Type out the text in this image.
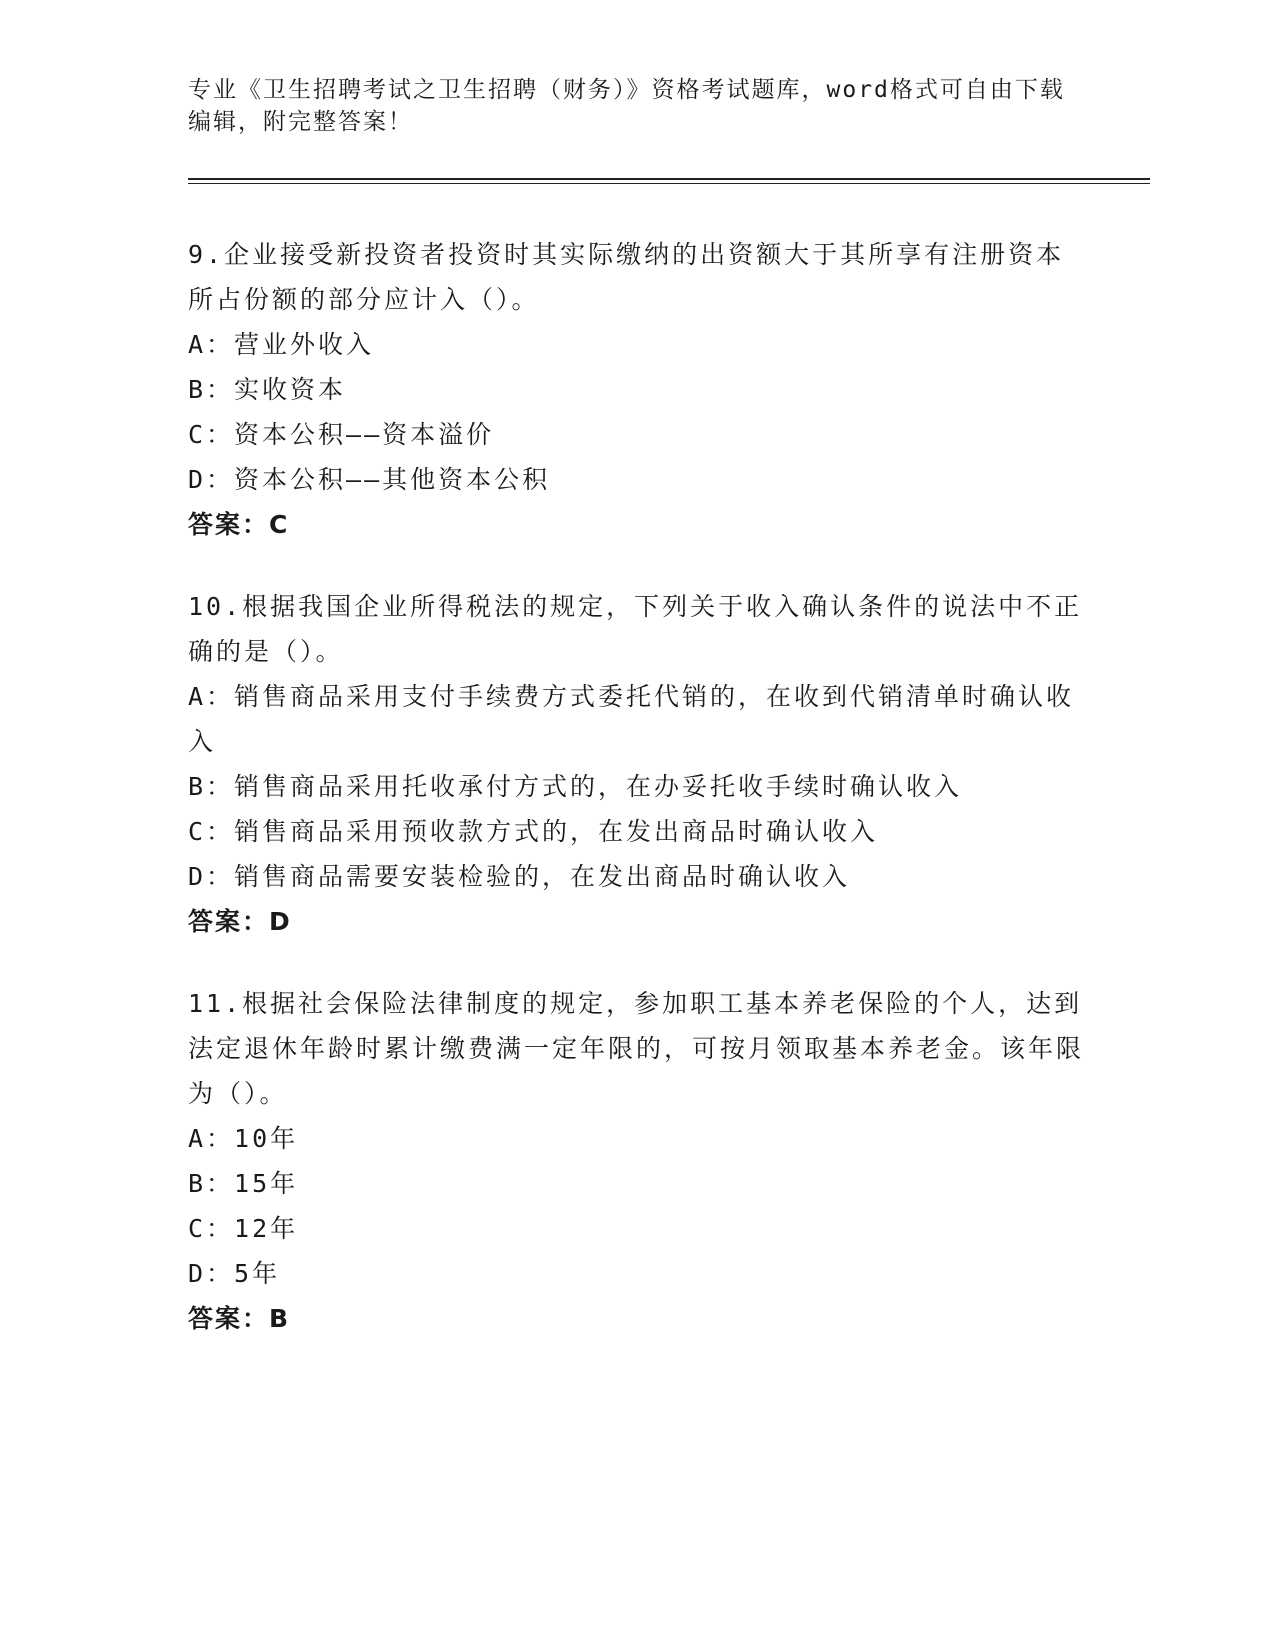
专业《卫生招聘考试之卫生招聘（财务）》资格考试题库，word格式可自由下载编辑，附完整答案！
9.企业接受新投资者投资时其实际缴纳的出资额大于其所享有注册资本所占份额的部分应计入（）。
A：营业外收入
B：实收资本
C：资本公积——资本溢价
D：资本公积——其他资本公积
答案：C
10.根据我国企业所得税法的规定，下列关于收入确认条件的说法中不正确的是（）。
A：销售商品采用支付手续费方式委托代销的，在收到代销清单时确认收入
B：销售商品采用托收承付方式的，在办妥托收手续时确认收入
C：销售商品采用预收款方式的，在发出商品时确认收入
D：销售商品需要安装检验的，在发出商品时确认收入
答案：D
11.根据社会保险法律制度的规定，参加职工基本养老保险的个人，达到法定退休年龄时累计缴费满一定年限的，可按月领取基本养老金。该年限为（）。
A：10年
B：15年
C：12年
D：5年
答案：B
